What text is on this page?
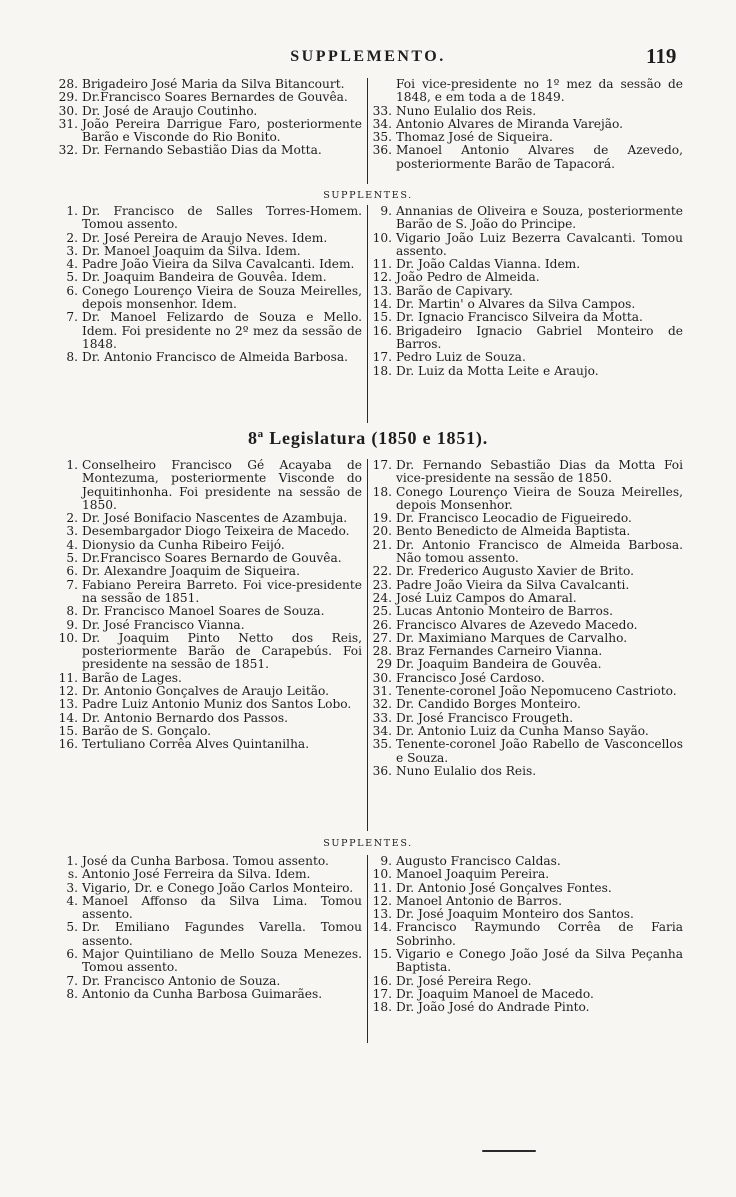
SUPPLEMENTO.	119
28. Brigadeiro José Maria da Silva Bitancourt.
29. Dr.Francisco Soares Bernardes de Gouvêa.
30. Dr. José de Araujo Coutinho.
31. João Pereira Darrigue Faro, posteriormente Barão e Visconde do Rio Bonito.
32. Dr. Fernando Sebastião Dias da Motta.
Foi vice-presidente no 1º mez da sessão de 1848, e em toda a de 1849.
33. Nuno Eulalio dos Reis.
34. Antonio Alvares de Miranda Varejão.
35. Thomaz José de Siqueira.
36. Manoel Antonio Alvares de Azevedo, posteriormente Barão de Tapacorá.
SUPPLENTES.
1. Dr. Francisco de Salles Torres-Homem. Tomou assento.
2. Dr. José Pereira de Araujo Neves. Idem.
3. Dr. Manoel Joaquim da Silva. Idem.
4. Padre João Vieira da Silva Cavalcanti. Idem.
5. Dr. Joaquim Bandeira de Gouvêa. Idem.
6. Conego Lourenço Vieira de Souza Meirelles, depois monsenhor. Idem.
7. Dr. Manoel Felizardo de Souza e Mello. Idem. Foi presidente no 2º mez da sessão de 1848.
8. Dr. Antonio Francisco de Almeida Barbosa.
9. Annanias de Oliveira e Souza, posteriormente Barão de S. João do Principe.
10. Vigario João Luiz Bezerra Cavalcanti. Tomou assento.
11. Dr. João Caldas Vianna. Idem.
12. João Pedro de Almeida.
13. Barão de Capivary.
14. Dr. Martin' o Alvares da Silva Campos.
15. Dr. Ignacio Francisco Silveira da Motta.
16. Brigadeiro Ignacio Gabriel Monteiro de Barros.
17. Pedro Luiz de Souza.
18. Dr. Luiz da Motta Leite e Araujo.
8ª Legislatura (1850 e 1851).
1. Conselheiro Francisco Gé Acayaba de Montezuma, posteriormente Visconde do Jequitinhonha. Foi presidente na sessão de 1850.
2. Dr. José Bonifacio Nascentes de Azambuja.
3. Desembargador Diogo Teixeira de Macedo.
4. Dionysio da Cunha Ribeiro Feijó.
5. Dr.Francisco Soares Bernardo de Gouvêa.
6. Dr. Alexandre Joaquim de Siqueira.
7. Fabiano Pereira Barreto. Foi vice-presidente na sessão de 1851.
8. Dr. Francisco Manoel Soares de Souza.
9. Dr. José Francisco Vianna.
10. Dr. Joaquim Pinto Netto dos Reis, posteriormente Barão de Carapebús. Foi presidente na sessão de 1851.
11. Barão de Lages.
12. Dr. Antonio Gonçalves de Araujo Leitão.
13. Padre Luiz Antonio Muniz dos Santos Lobo.
14. Dr. Antonio Bernardo dos Passos.
15. Barão de S. Gonçalo.
16. Tertuliano Corrêa Alves Quintanilha.
17. Dr. Fernando Sebastião Dias da Motta Foi vice-presidente na sessão de 1850.
18. Conego Lourenço Vieira de Souza Meirelles, depois Monsenhor.
19. Dr. Francisco Leocadio de Figueiredo.
20. Bento Benedicto de Almeida Baptista.
21. Dr. Antonio Francisco de Almeida Barbosa. Não tomou assento.
22. Dr. Frederico Augusto Xavier de Brito.
23. Padre João Vieira da Silva Cavalcanti.
24. José Luiz Campos do Amaral.
25. Lucas Antonio Monteiro de Barros.
26. Francisco Alvares de Azevedo Macedo.
27. Dr. Maximiano Marques de Carvalho.
28. Braz Fernandes Carneiro Vianna.
29 Dr. Joaquim Bandeira de Gouvêa.
30. Francisco José Cardoso.
31. Tenente-coronel João Nepomuceno Castrioto.
32. Dr. Candido Borges Monteiro.
33. Dr. José Francisco Frougeth.
34. Dr. Antonio Luiz da Cunha Manso Sayão.
35. Tenente-coronel João Rabello de Vasconcellos e Souza.
36. Nuno Eulalio dos Reis.
SUPPLENTES.
1. José da Cunha Barbosa. Tomou assento.
s. Antonio José Ferreira da Silva. Idem.
3. Vigario, Dr. e Conego João Carlos Monteiro.
4. Manoel Affonso da Silva Lima. Tomou assento.
5. Dr. Emiliano Fagundes Varella. Tomou assento.
6. Major Quintiliano de Mello Souza Menezes. Tomou assento.
7. Dr. Francisco Antonio de Souza.
8. Antonio da Cunha Barbosa Guimarães.
9. Augusto Francisco Caldas.
10. Manoel Joaquim Pereira.
11. Dr. Antonio José Gonçalves Fontes.
12. Manoel Antonio de Barros.
13. Dr. José Joaquim Monteiro dos Santos.
14. Francisco Raymundo Corrêa de Faria Sobrinho.
15. Vigario e Conego João José da Silva Peçanha Baptista.
16. Dr. José Pereira Rego.
17. Dr. Joaquim Manoel de Macedo.
18. Dr. João José do Andrade Pinto.
